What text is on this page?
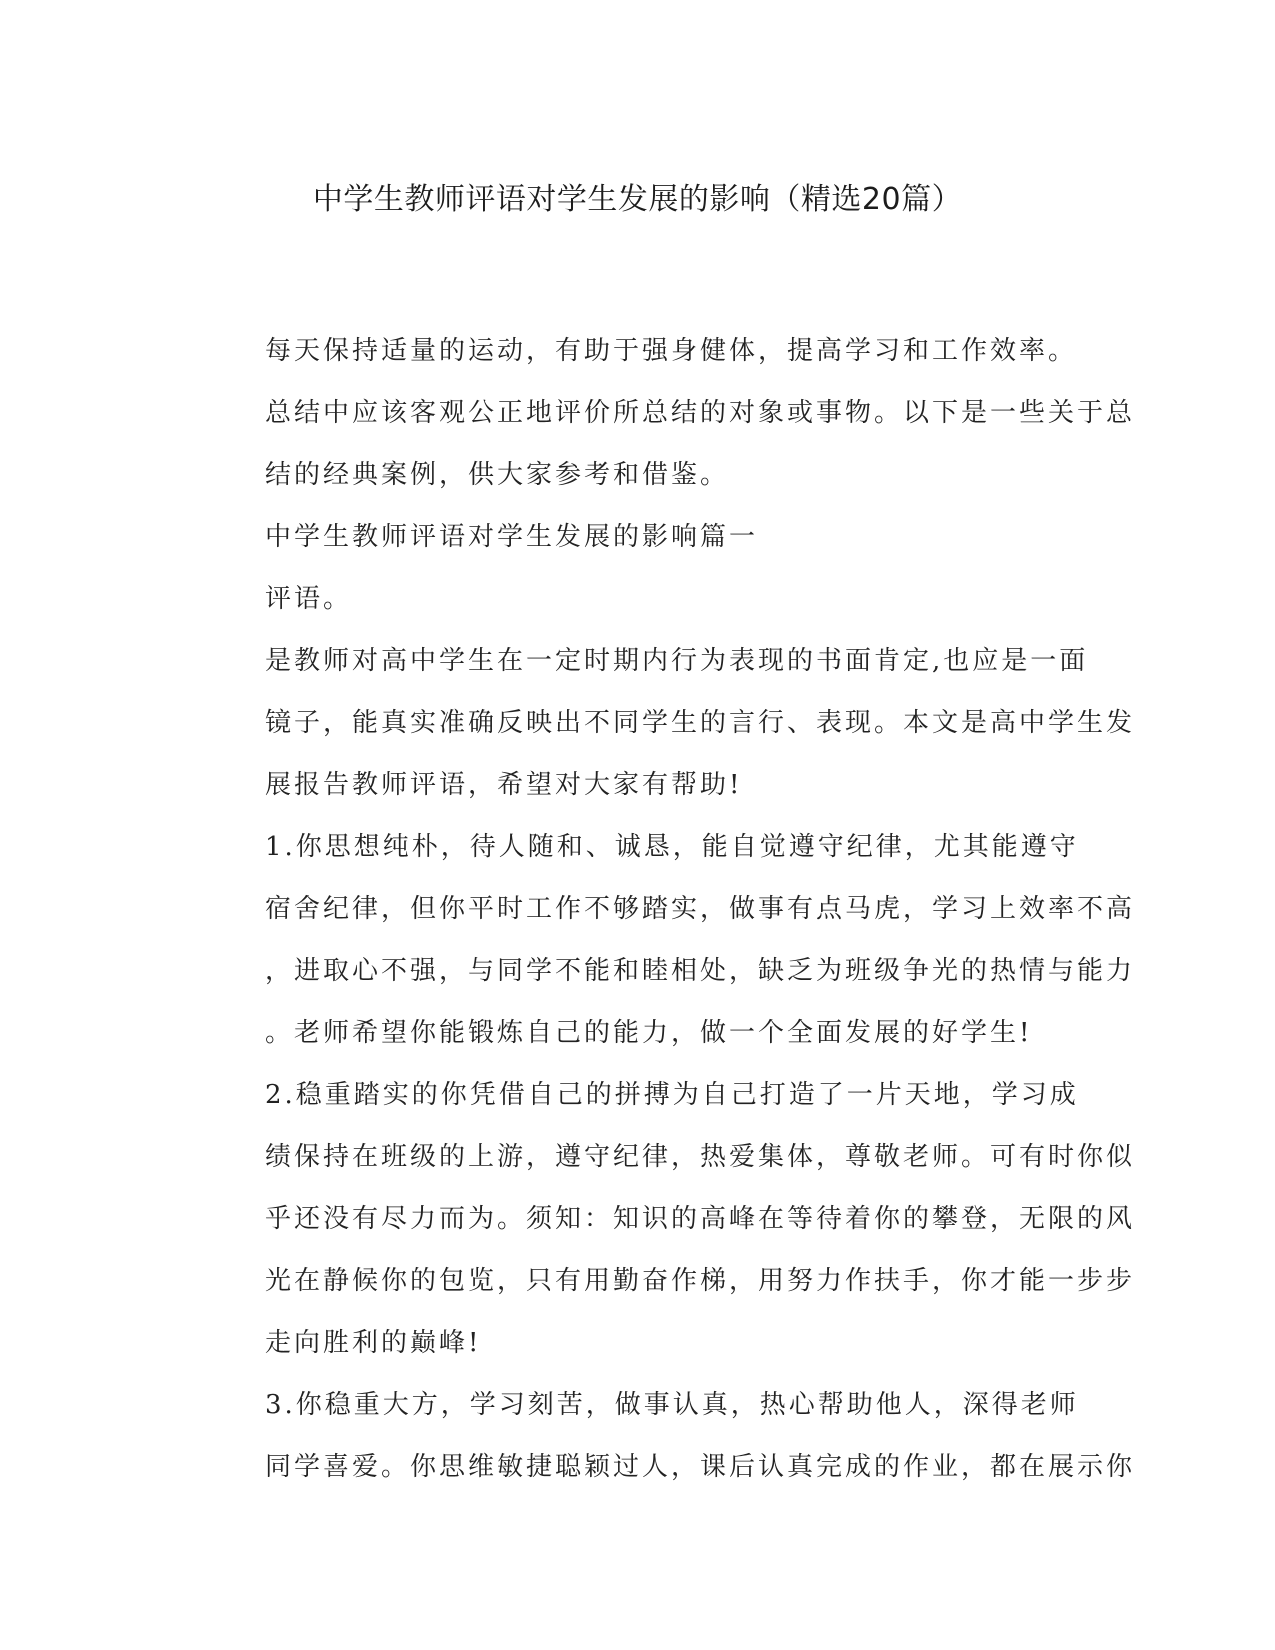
中学生教师评语对学生发展的影响（精选20篇）

每天保持适量的运动，有助于强身健体，提高学习和工作效率。
总结中应该客观公正地评价所总结的对象或事物。以下是一些关于总
结的经典案例，供大家参考和借鉴。

中学生教师评语对学生发展的影响篇一

评语。

是教师对高中学生在一定时期内行为表现的书面肯定,也应是一面
镜子，能真实准确反映出不同学生的言行、表现。本文是高中学生发
展报告教师评语，希望对大家有帮助!

1.你思想纯朴，待人随和、诚恳，能自觉遵守纪律，尤其能遵守
宿舍纪律，但你平时工作不够踏实，做事有点马虎，学习上效率不高
，进取心不强，与同学不能和睦相处，缺乏为班级争光的热情与能力
。老师希望你能锻炼自己的能力，做一个全面发展的好学生!

2.稳重踏实的你凭借自己的拼搏为自己打造了一片天地，学习成
绩保持在班级的上游，遵守纪律，热爱集体，尊敬老师。可有时你似
乎还没有尽力而为。须知：知识的高峰在等待着你的攀登，无限的风
光在静候你的包览，只有用勤奋作梯，用努力作扶手，你才能一步步
走向胜利的巅峰!

3.你稳重大方，学习刻苦，做事认真，热心帮助他人，深得老师
同学喜爱。你思维敏捷聪颖过人，课后认真完成的作业，都在展示你
